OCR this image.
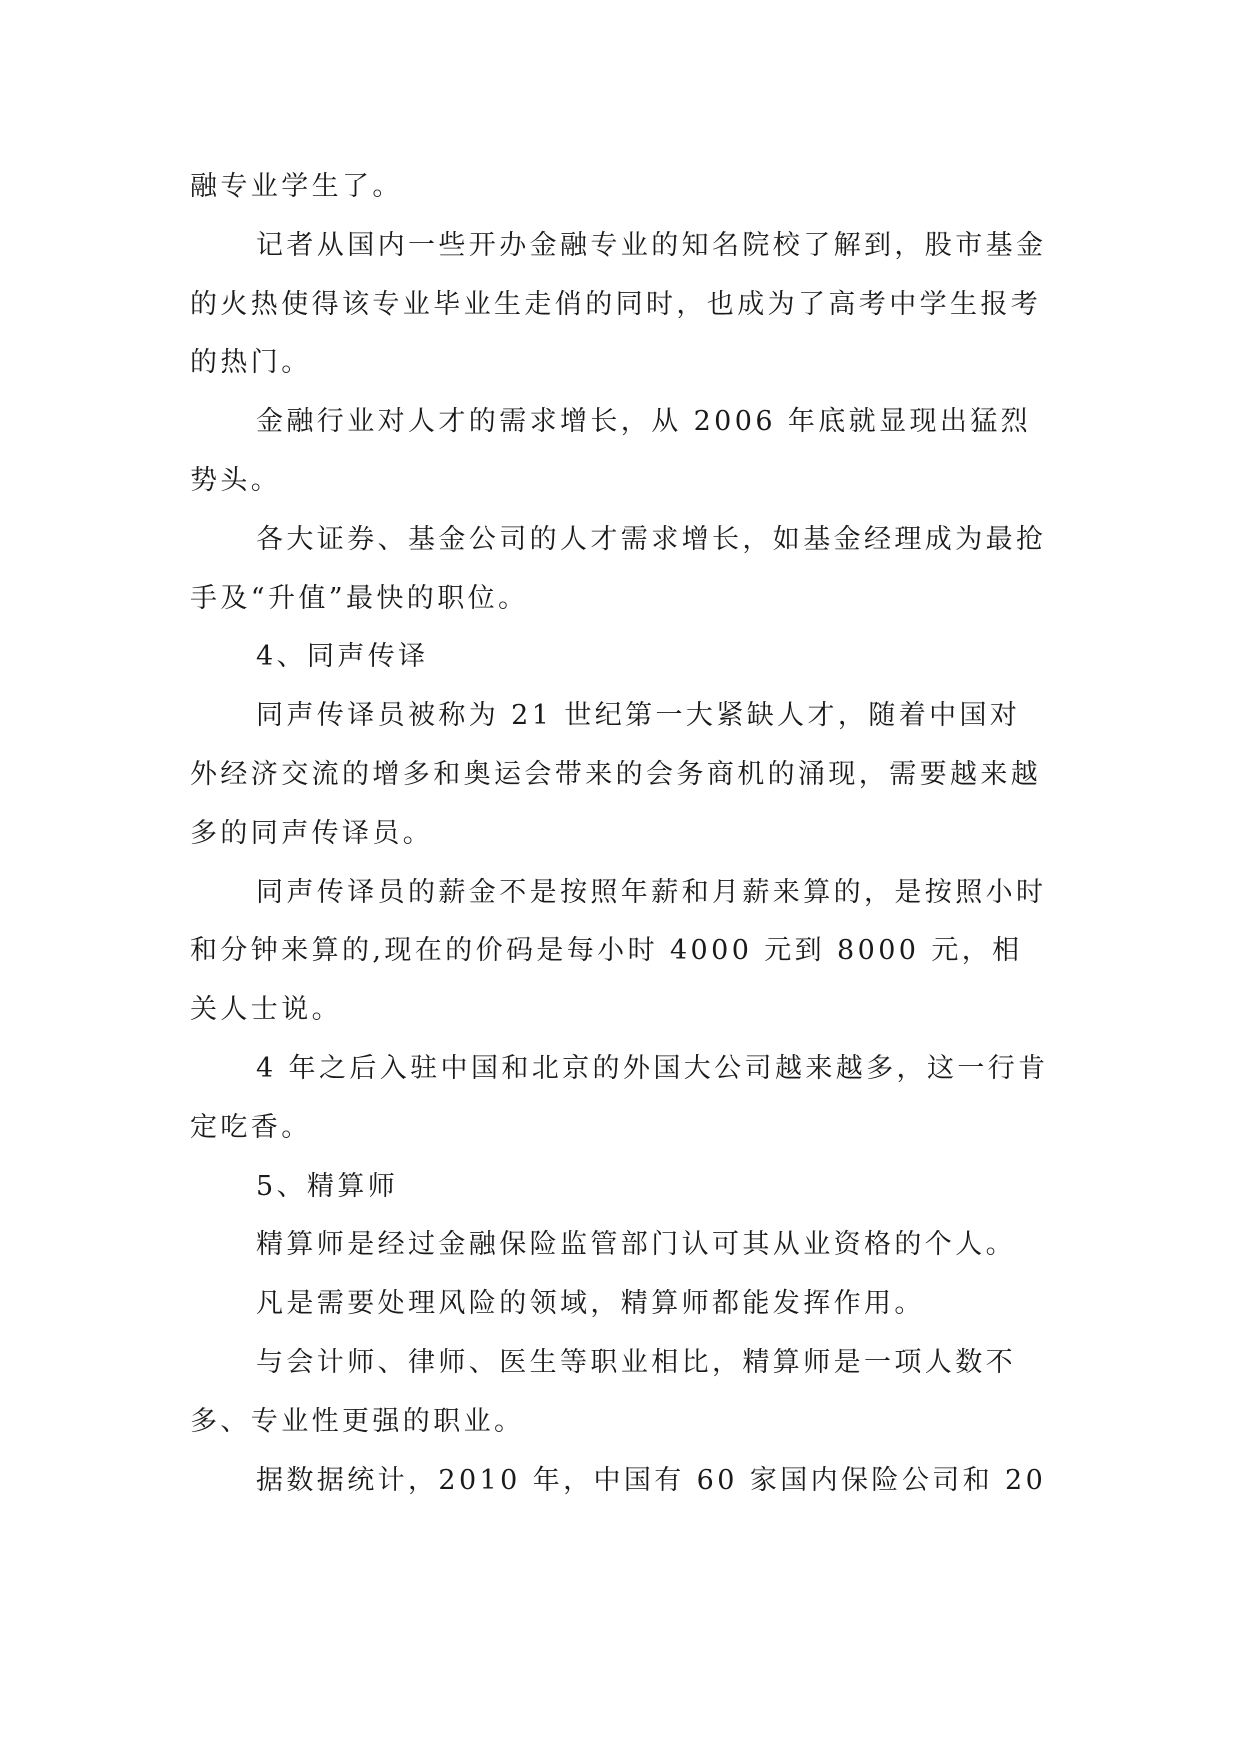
融专业学生了。

记者从国内一些开办金融专业的知名院校了解到，股市基金的火热使得该专业毕业生走俏的同时，也成为了高考中学生报考的热门。

金融行业对人才的需求增长，从 2006 年底就显现出猛烈势头。

各大证券、基金公司的人才需求增长，如基金经理成为最抢手及“升值”最快的职位。

4、同声传译

同声传译员被称为 21 世纪第一大紧缺人才，随着中国对外经济交流的增多和奥运会带来的会务商机的涌现，需要越来越多的同声传译员。

同声传译员的薪金不是按照年薪和月薪来算的，是按照小时和分钟来算的,现在的价码是每小时 4000 元到 8000 元，相关人士说。

4 年之后入驻中国和北京的外国大公司越来越多，这一行肯定吃香。

5、精算师

精算师是经过金融保险监管部门认可其从业资格的个人。

凡是需要处理风险的领域，精算师都能发挥作用。

与会计师、律师、医生等职业相比，精算师是一项人数不多、专业性更强的职业。

据数据统计，2010 年，中国有 60 家国内保险公司和 20
